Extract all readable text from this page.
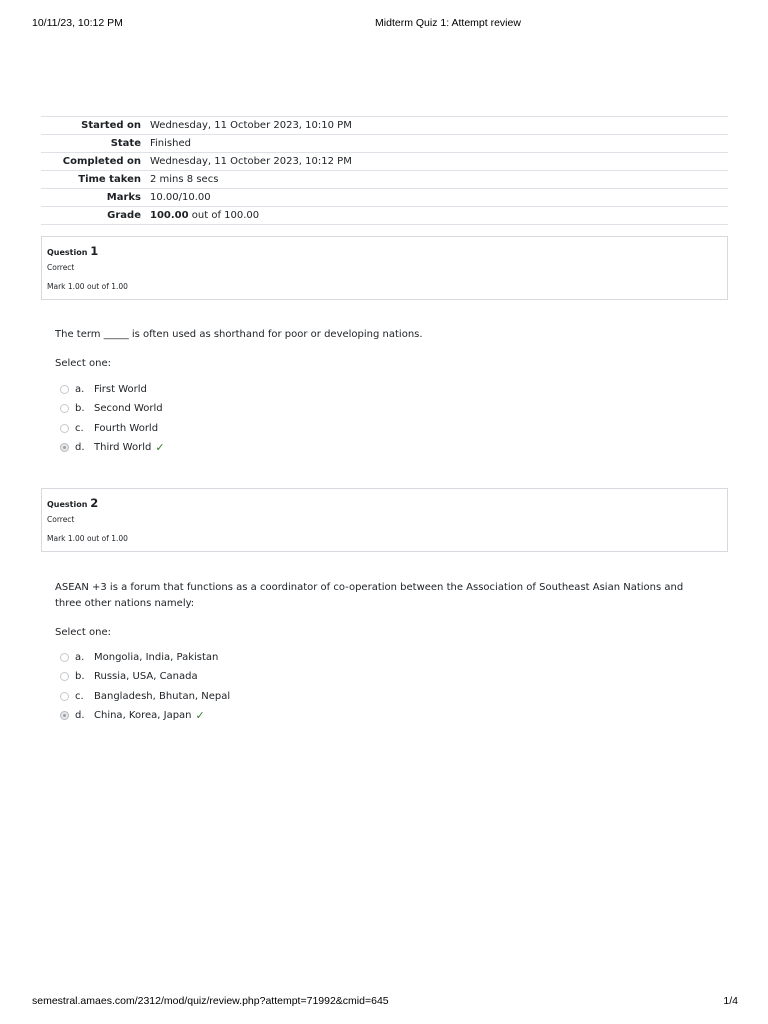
10/11/23, 10:12 PM	Midterm Quiz 1: Attempt review
Started on	Wednesday, 11 October 2023, 10:10 PM
State	Finished
Completed on	Wednesday, 11 October 2023, 10:12 PM
Time taken	2 mins 8 secs
Marks	10.00/10.00
Grade	100.00 out of 100.00
Question 1
Correct
Mark 1.00 out of 1.00
The term _____ is often used as shorthand for poor or developing nations.
Select one:
a. First World
b. Second World
c.	Fourth World
d. Third World ✓
Question 2
Correct
Mark 1.00 out of 1.00
ASEAN +3 is a forum that functions as a coordinator of co-operation between the Association of Southeast Asian Nations and three other nations namely:
Select one:
a. Mongolia, India, Pakistan
b. Russia, USA, Canada
c.	Bangladesh, Bhutan, Nepal
d. China, Korea, Japan ✓
semestral.amaes.com/2312/mod/quiz/review.php?attempt=71992&cmid=645	1/4
